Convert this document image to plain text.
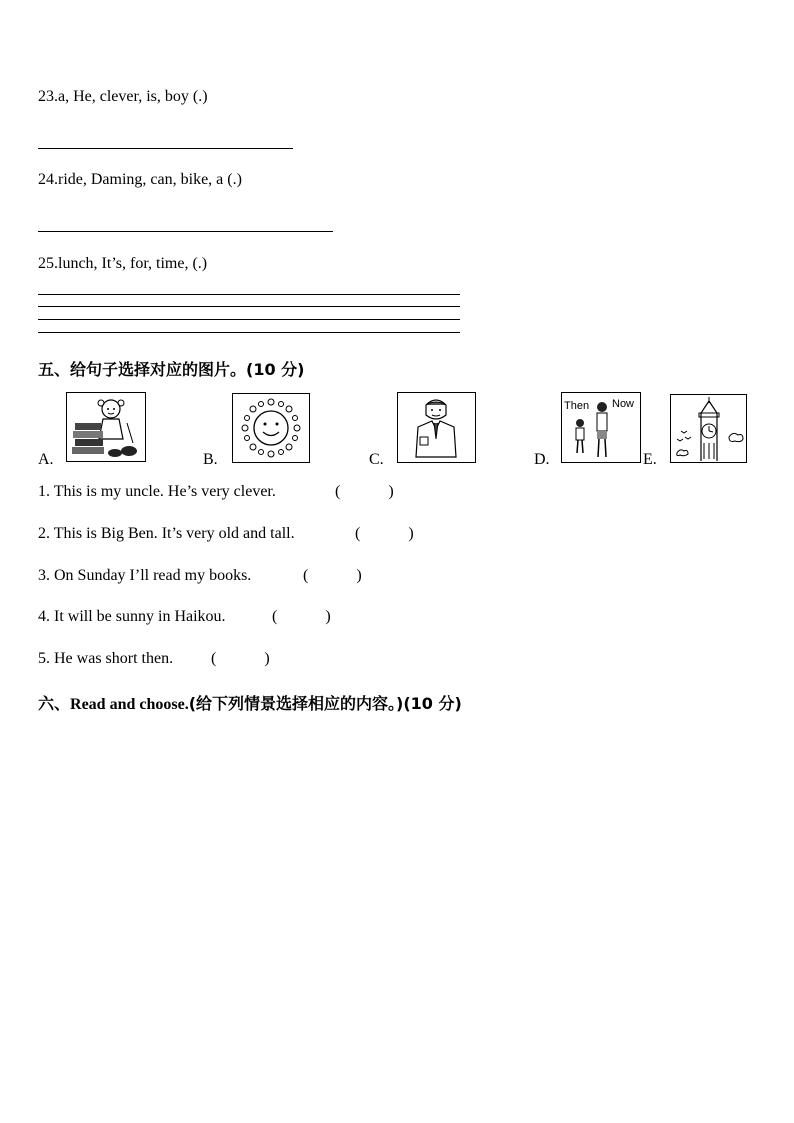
23.a, He, clever, is, boy (.)
24.ride, Daming, can, bike, a (.)
25.lunch, It’s, for, time, (.)
五、给句子选择对应的图片。(10 分)
A.	B.	C.	D.	E.
Then Now
1. This is my uncle. He’s very clever.	(            )
2. This is Big Ben. It’s very old and tall.	(            )
3. On Sunday I’ll read my books.	(            )
4. It will be sunny in Haikou.	(            )
5. He was short then. (            )
六、Read and choose.(给下列情景选择相应的内容。)(10 分)
